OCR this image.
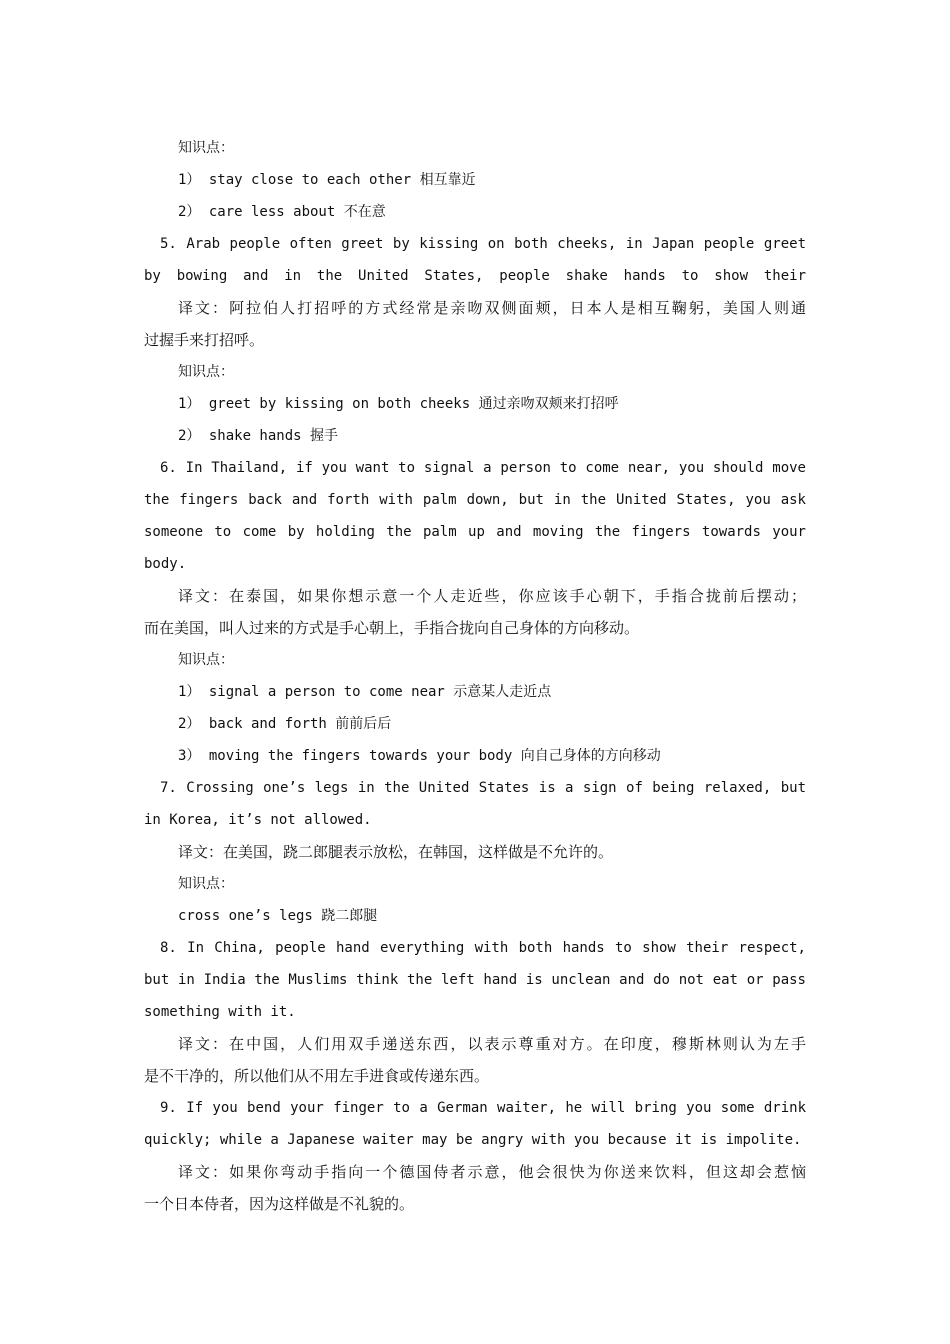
知识点：
1） stay close to each other 相互靠近
2） care less about 不在意
5. Arab people often greet by kissing on both cheeks, in Japan people greet
by bowing and in the United States, people shake hands to show their
译文：阿拉伯人打招呼的方式经常是亲吻双侧面颊，日本人是相互鞠躬，美国人则通
过握手来打招呼。
知识点：
1） greet by kissing on both cheeks 通过亲吻双颊来打招呼
2） shake hands 握手
6. In Thailand, if you want to signal a person to come near, you should move
the fingers back and forth with palm down, but in the United States, you ask
someone to come by holding the palm up and moving the fingers towards your
body.
译文：在泰国，如果你想示意一个人走近些，你应该手心朝下，手指合拢前后摆动；
而在美国，叫人过来的方式是手心朝上，手指合拢向自己身体的方向移动。
知识点：
1） signal a person to come near 示意某人走近点
2） back and forth 前前后后
3） moving the fingers towards your body 向自己身体的方向移动
7. Crossing one’s legs in the United States is a sign of being relaxed, but
in Korea, it’s not allowed.
译文：在美国，跷二郎腿表示放松，在韩国，这样做是不允许的。
知识点：
cross one’s legs 跷二郎腿
8. In China, people hand everything with both hands to show their respect,
but in India the Muslims think the left hand is unclean and do not eat or pass
something with it.
译文：在中国，人们用双手递送东西，以表示尊重对方。在印度，穆斯林则认为左手
是不干净的，所以他们从不用左手进食或传递东西。
9. If you bend your finger to a German waiter, he will bring you some drink
quickly; while a Japanese waiter may be angry with you because it is impolite.
译文：如果你弯动手指向一个德国侍者示意，他会很快为你送来饮料，但这却会惹恼
一个日本侍者，因为这样做是不礼貌的。
